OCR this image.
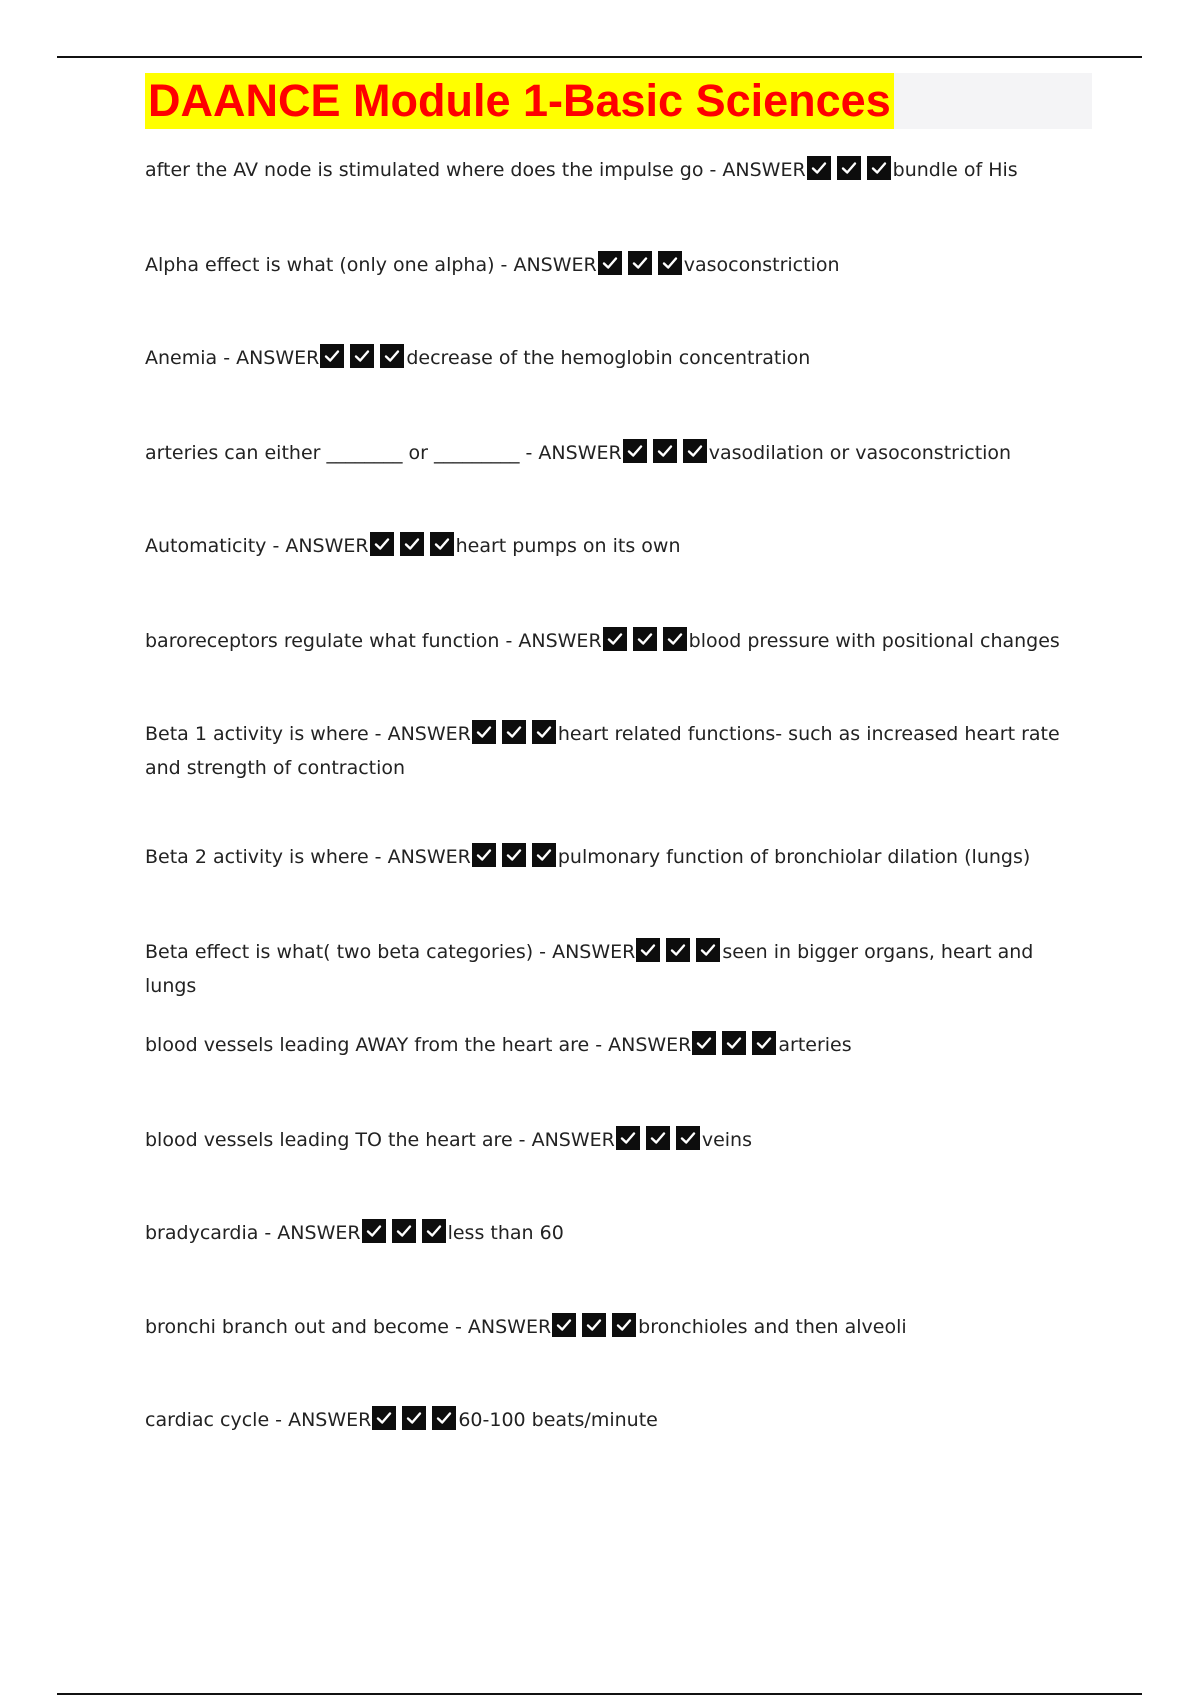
DAANCE Module 1-Basic Sciences
after the AV node is stimulated where does the impulse go - ANSWER	bundle of His
Alpha effect is what (only one alpha) - ANSWER	vasoconstriction
Anemia - ANSWER	decrease of the hemoglobin concentration
arteries can either ________ or _________ - ANSWER	vasodilation or vasoconstriction
Automaticity - ANSWER	heart pumps on its own
baroreceptors regulate what function - ANSWER	blood pressure with positional changes
Beta 1 activity is where - ANSWER	heart related functions- such as increased heart rate and strength of contraction
Beta 2 activity is where - ANSWER	pulmonary function of bronchiolar dilation (lungs)
Beta effect is what( two beta categories) - ANSWER	seen in bigger organs, heart and lungs
blood vessels leading AWAY from the heart are - ANSWER	arteries
blood vessels leading TO the heart are - ANSWER	veins
bradycardia - ANSWER	less than 60
bronchi branch out and become - ANSWER	bronchioles and then alveoli
cardiac cycle - ANSWER	60-100 beats/minute
